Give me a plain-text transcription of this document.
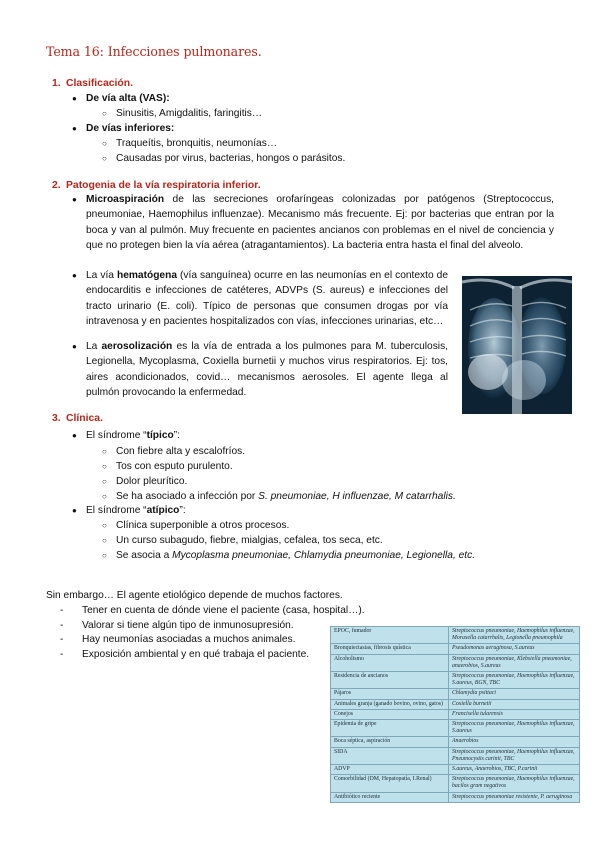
Tema 16: Infecciones pulmonares.
1. Clasificación.
● De vía alta (VAS):
○ Sinusitis, Amigdalitis, faringitis…
● De vías inferiores:
○ Traqueítis, bronquitis, neumonías…
○ Causadas por virus, bacterias, hongos o parásitos.
2. Patogenia de la vía respiratoria inferior.
● Microaspiración de las secreciones orofaríngeas colonizadas por patógenos (Streptococcus, pneumoniae, Haemophilus influenzae). Mecanismo más frecuente. Ej: por bacterias que entran por la boca y van al pulmón. Muy frecuente en pacientes ancianos con problemas en el nivel de conciencia y que no protegen bien la vía aérea (atragantamientos). La bacteria entra hasta el final del alveolo.
● La vía hematógena (vía sanguínea) ocurre en las neumonías en el contexto de endocarditis e infecciones de catéteres, ADVPs (S. aureus) e infecciones del tracto urinario (E. coli). Típico de personas que consumen drogas por vía intravenosa y en pacientes hospitalizados con vías, infecciones urinarias, etc…
● La aerosolización es la vía de entrada a los pulmones para M. tuberculosis, Legionella, Mycoplasma, Coxiella burnetii y muchos virus respiratorios. Ej: tos, aires acondicionados, covid… mecanismos aerosoles. El agente llega al pulmón provocando la enfermedad.
3. Clínica.
● El síndrome “típico”:
○ Con fiebre alta y escalofríos.
○ Tos con esputo purulento.
○ Dolor pleurítico.
○ Se ha asociado a infección por S. pneumoniae, H influenzae, M catarrhalis.
● El síndrome “atípico”:
○ Clínica superponible a otros procesos.
○ Un curso subagudo, fiebre, mialgias, cefalea, tos seca, etc.
○ Se asocia a Mycoplasma pneumoniae, Chlamydia pneumoniae, Legionella, etc.
Sin embargo… El agente etiológico depende de muchos factores.
- Tener en cuenta de dónde viene el paciente (casa, hospital…).
- Valorar si tiene algún tipo de inmunosupresión.
- Hay neumonías asociadas a muchos animales.
- Exposición ambiental y en qué trabaja el paciente.
EPOC, fumador	Streptococcus pneumoniae, Haemophilus influenzae, Moraxella catarrhalis, Legionella pneumophila
Bronquiectasias, fibrosis quística	Pseudomonas aeruginosa, S.aureus
Alcoholismo	Streptococcus pneumoniae, Klebsiella pneumoniae, anaerobios, S.aureus
Residencia de ancianos	Streptococcus pneumoniae, Haemophilus influenzae, S.aureus, BGN, TBC
Pájaros	Chlamydia psittaci
Animales granja (ganado bovino, ovino, gatos)	Coxiella burnetii
Conejos	Francisella tularensis
Epidemia de gripe	Streptococcus pneumoniae, Haemophilus influenzae, S.aureus
Boca séptica, aspiración	Anaerobios
SIDA	Streptococcus pneumoniae, Haemophilus influenzae, Pneumocystis carinii, TBC
ADVP	S.aureus, Anaerobios, TBC, P.carinii
Comorbilidad (DM, Hepatopatía, I.Renal)	Streptococcus pneumoniae, Haemophilus influenzae, bacilos gram negativos
Antibiótico reciente	Streptococcus pneumoniae resistente, P. aeruginosa
